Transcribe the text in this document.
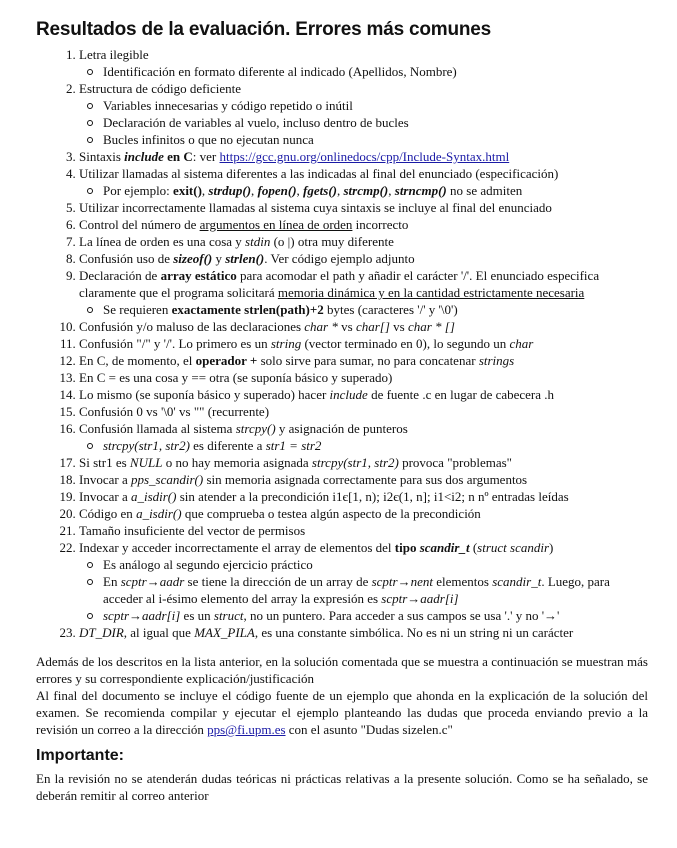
Resultados de la evaluación. Errores más comunes
1. Letra ilegible
Identificación en formato diferente al indicado (Apellidos, Nombre)
2. Estructura de código deficiente
Variables innecesarias y código repetido o inútil
Declaración de variables al vuelo, incluso dentro de bucles
Bucles infinitos o que no ejecutan nunca
3. Sintaxis include en C: ver https://gcc.gnu.org/onlinedocs/cpp/Include-Syntax.html
4. Utilizar llamadas al sistema diferentes a las indicadas al final del enunciado (especificación)
Por ejemplo: exit(), strdup(), fopen(), fgets(), strcmp(), strncmp() no se admiten
5. Utilizar incorrectamente llamadas al sistema cuya sintaxis se incluye al final del enunciado
6. Control del número de argumentos en línea de orden incorrecto
7. La línea de orden es una cosa y stdin (o |) otra muy diferente
8. Confusión uso de sizeof() y strlen(). Ver código ejemplo adjunto
9. Declaración de array estático para acomodar el path y añadir el carácter '/'. El enunciado especifica claramente que el programa solicitará memoria dinámica y en la cantidad estrictamente necesaria
Se requieren exactamente strlen(path)+2 bytes (caracteres '/' y '\0')
10. Confusión y/o maluso de las declaraciones char * vs char[] vs char * []
11. Confusión "/" y '/'. Lo primero es un string (vector terminado en 0), lo segundo un char
12. En C, de momento, el operador + solo sirve para sumar, no para concatenar strings
13. En C = es una cosa y == otra (se suponía básico y superado)
14. Lo mismo (se suponía básico y superado) hacer include de fuente .c en lugar de cabecera .h
15. Confusión 0 vs '\0' vs "" (recurrente)
16. Confusión llamada al sistema strcpy() y asignación de punteros
strcpy(str1, str2) es diferente a str1 = str2
17. Si str1 es NULL o no hay memoria asignada strcpy(str1, str2) provoca "problemas"
18. Invocar a pps_scandir() sin memoria asignada correctamente para sus dos argumentos
19. Invocar a a_isdir() sin atender a la precondición i1є[1, n); i2є(1, n]; i1<i2; n nº entradas leídas
20. Código en a_isdir() que comprueba o testea algún aspecto de la precondición
21. Tamaño insuficiente del vector de permisos
22. Indexar y acceder incorrectamente el array de elementos del tipo scandir_t (struct scandir)
Es análogo al segundo ejercicio práctico
En scptr→aadr se tiene la dirección de un array de scptr→nent elementos scandir_t. Luego, para acceder al i-ésimo elemento del array la expresión es scptr→aadr[i]
scptr→aadr[i] es un struct, no un puntero. Para acceder a sus campos se usa '.' y no '→'
23. DT_DIR, al igual que MAX_PILA, es una constante simbólica. No es ni un string ni un carácter

Además de los descritos en la lista anterior, en la solución comentada que se muestra a continuación se muestran más errores y su correspondiente explicación/justificación

Al final del documento se incluye el código fuente de un ejemplo que ahonda en la explicación de la solución del examen. Se recomienda compilar y ejecutar el ejemplo planteando las dudas que proceda enviando previo a la revisión un correo a la dirección pps@fi.upm.es con el asunto "Dudas sizelen.c"

Importante:

En la revisión no se atenderán dudas teóricas ni prácticas relativas a la presente solución. Como se ha señalado, se deberán remitir al correo anterior
